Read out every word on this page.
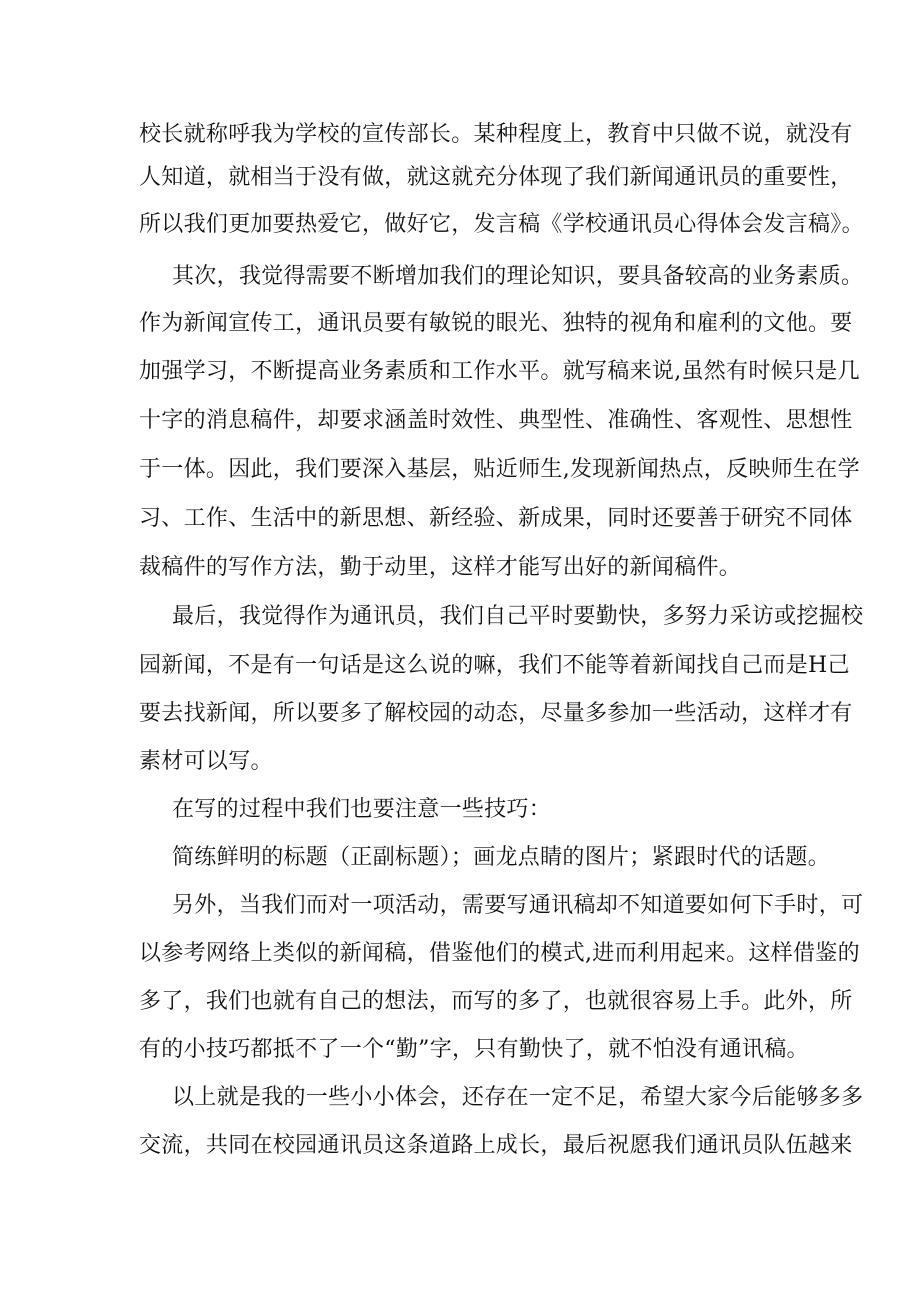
校长就称呼我为学校的宣传部长。某种程度上，教育中只做不说，就没有
人知道，就相当于没有做，就这就充分体现了我们新闻通讯员的重要性，
所以我们更加要热爱它，做好它，发言稿《学校通讯员心得体会发言稿》。
其次，我觉得需要不断增加我们的理论知识，要具备较高的业务素质。
作为新闻宣传工，通讯员要有敏锐的眼光、独特的视角和雇利的文他。要
加强学习，不断提高业务素质和工作水平。就写稿来说,虽然有时候只是几
十字的消息稿件，却要求涵盖时效性、典型性、准确性、客观性、思想性
于一体。因此，我们要深入基层，贴近师生,发现新闻热点，反映师生在学
习、工作、生活中的新思想、新经验、新成果，同时还要善于研究不同体
裁稿件的写作方法，勤于动里，这样才能写出好的新闻稿件。
最后，我觉得作为通讯员，我们自己平时要勤快，多努力采访或挖掘校
园新闻，不是有一句话是这么说的嘛，我们不能等着新闻找自己而是H己
要去找新闻，所以要多了解校园的动态，尽量多参加一些活动，这样才有
素材可以写。
在写的过程中我们也要注意一些技巧：
简练鲜明的标题（正副标题）；画龙点睛的图片；紧跟时代的话题。
另外，当我们而对一项活动，需要写通讯稿却不知道要如何下手时，可
以参考网络上类似的新闻稿，借鉴他们的模式,进而利用起来。这样借鉴的
多了，我们也就有自己的想法，而写的多了，也就很容易上手。此外，所
有的小技巧都抵不了一个“勤”字，只有勤快了，就不怕没有通讯稿。
以上就是我的一些小小体会，还存在一定不足，希望大家今后能够多多
交流，共同在校园通讯员这条道路上成长，最后祝愿我们通讯员队伍越来
